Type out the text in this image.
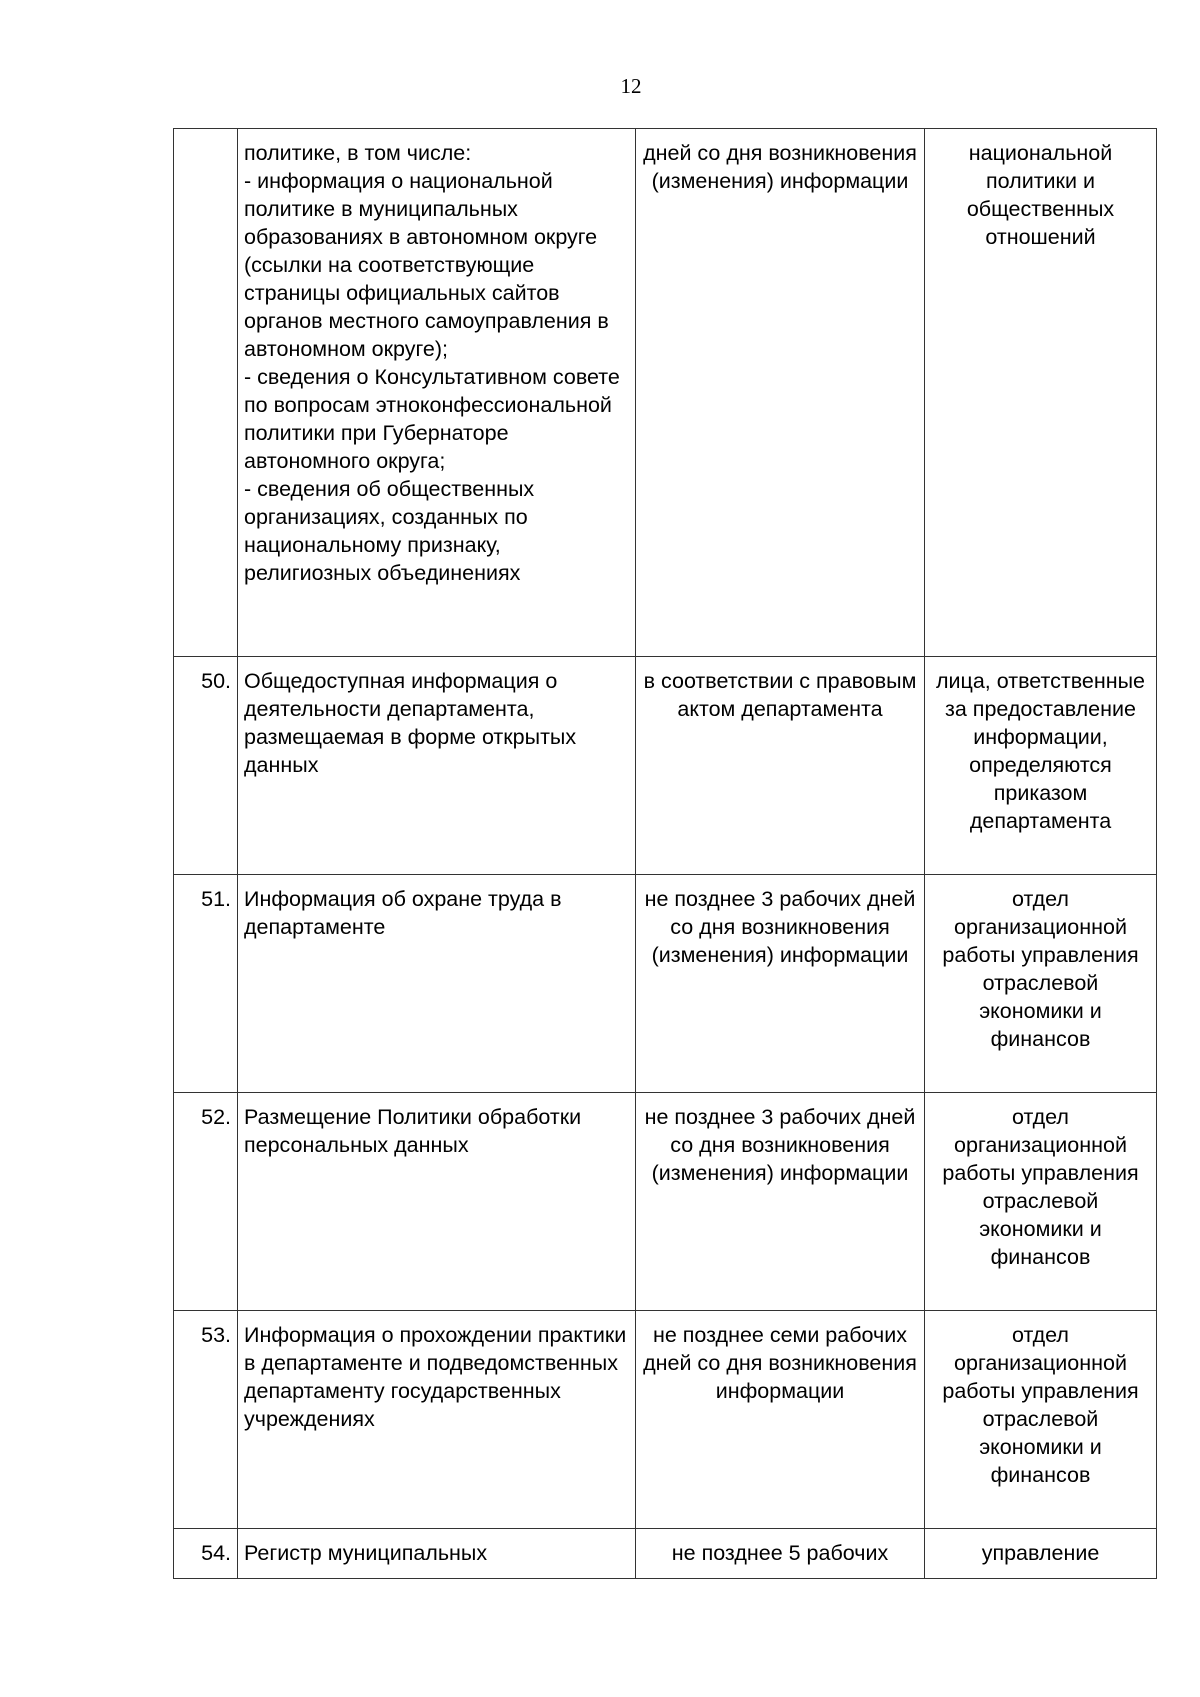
12
	политике, в том числе:
- информация о национальной политике в муниципальных образованиях в автономном округе (ссылки на соответствующие страницы официальных сайтов органов местного самоуправления в автономном округе);
- сведения о Консультативном совете по вопросам этноконфессиональной политики при Губернаторе автономного округа;
- сведения об общественных организациях, созданных по национальному признаку, религиозных объединениях	дней со дня возникновения (изменения) информации	национальной политики и общественных отношений
50.	Общедоступная информация о деятельности департамента, размещаемая в форме открытых данных	в соответствии с правовым актом департамента	лица, ответственные за предоставление информации, определяются приказом департамента
51.	Информация об охране труда в департаменте	не позднее 3 рабочих дней со дня возникновения (изменения) информации	отдел организационной работы управления отраслевой экономики и финансов
52.	Размещение Политики обработки персональных данных	не позднее 3 рабочих дней со дня возникновения (изменения) информации	отдел организационной работы управления отраслевой экономики и финансов
53.	Информация о прохождении практики в департаменте и подведомственных департаменту государственных учреждениях	не позднее семи рабочих дней со дня возникновения информации	отдел организационной работы управления отраслевой экономики и финансов
54.	Регистр муниципальных	не позднее 5 рабочих	управление
